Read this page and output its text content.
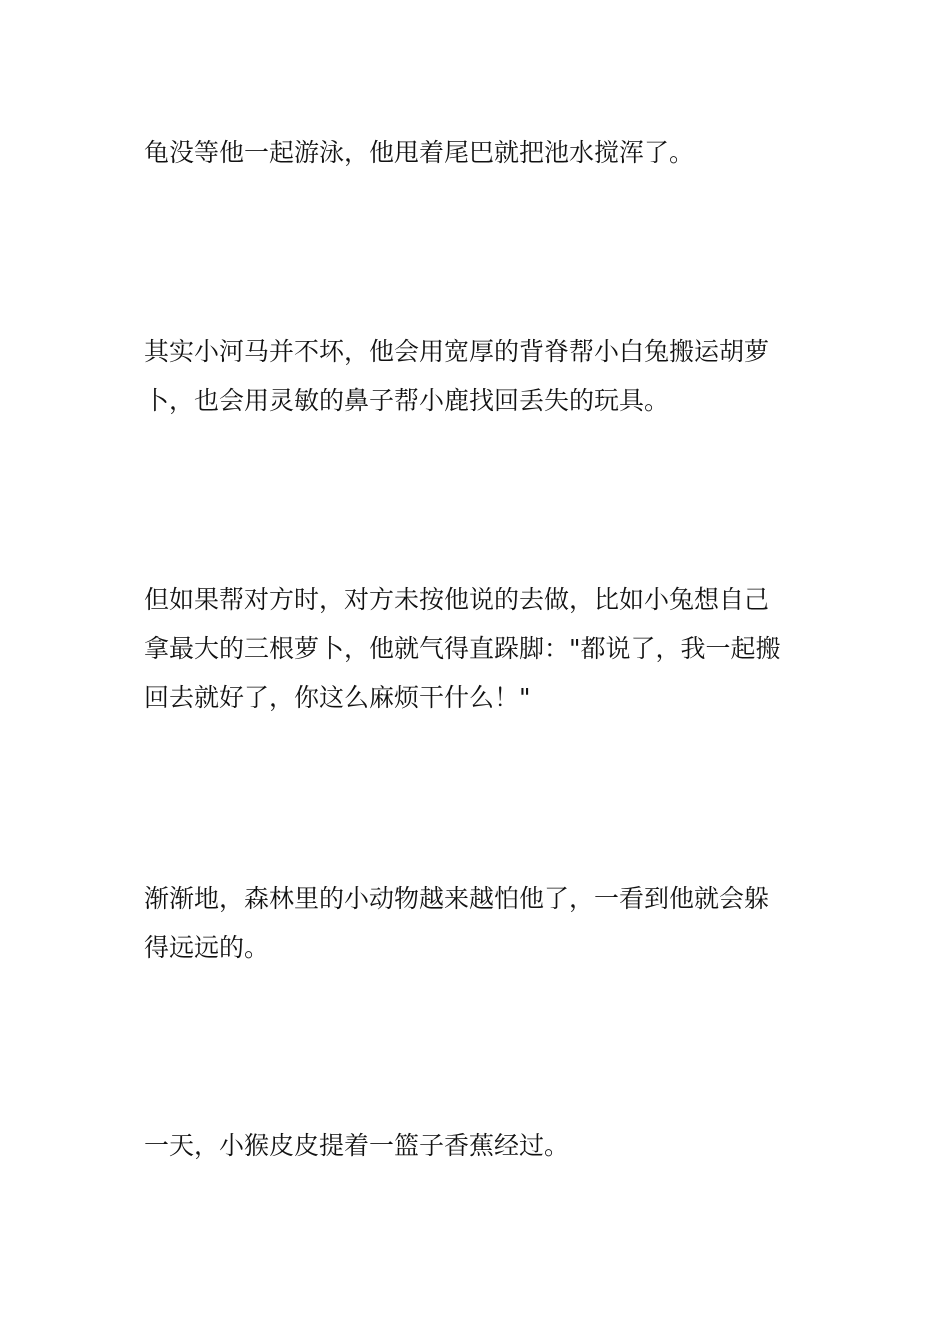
龟没等他一起游泳，他甩着尾巴就把池水搅浑了。

其实小河马并不坏，他会用宽厚的背脊帮小白兔搬运胡萝
卜，也会用灵敏的鼻子帮小鹿找回丢失的玩具。

但如果帮对方时，对方未按他说的去做，比如小兔想自己
拿最大的三根萝卜，他就气得直跺脚："都说了，我一起搬
回去就好了，你这么麻烦干什么！"

渐渐地，森林里的小动物越来越怕他了，一看到他就会躲
得远远的。

一天，小猴皮皮提着一篮子香蕉经过。
